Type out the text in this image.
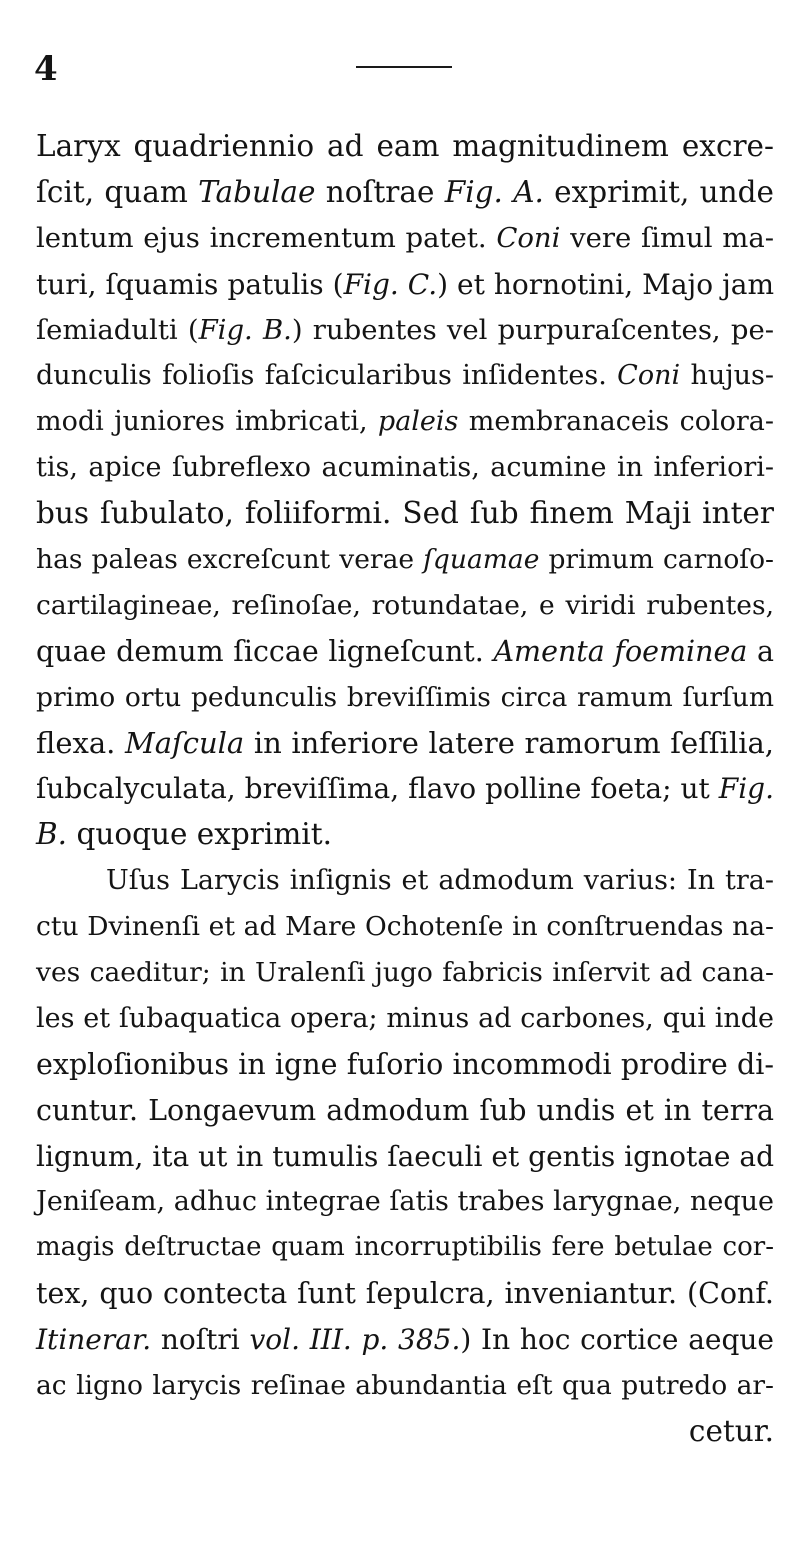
4
Laryx quadriennio ad eam magnitudinem excre-
ſcit, quam Tabulae noſtrae Fig. A. exprimit, unde
lentum ejus incrementum patet. Coni vere ſimul ma-
turi, ſquamis patulis (Fig. C.) et hornotini, Majo jam
ſemiadulti (Fig. B.) rubentes vel purpuraſcentes, pe-
dunculis folioſis faſcicularibus inſidentes. Coni hujus-
modi juniores imbricati, paleis membranaceis colora-
tis, apice ſubreflexo acuminatis, acumine in inferiori-
bus ſubulato, foliiformi. Sed ſub finem Maji inter
has paleas excreſcunt verae ſquamae primum carnoſo-
cartilagineae, reſinoſae, rotundatae, e viridi rubentes,
quae demum ſiccae ligneſcunt. Amenta foeminea a
primo ortu pedunculis breviſſimis circa ramum ſurſum
flexa. Maſcula in inferiore latere ramorum ſeſſilia,
ſubcalyculata, breviſſima, flavo polline foeta; ut Fig.
B. quoque exprimit.
Uſus Larycis inſignis et admodum varius: In tra-
ctu Dvinenſi et ad Mare Ochotenſe in conſtruendas na-
ves caeditur; in Uralenſi jugo fabricis inſervit ad cana-
les et ſubaquatica opera; minus ad carbones, qui inde
exploſionibus in igne fuſorio incommodi prodire di-
cuntur. Longaevum admodum ſub undis et in terra
lignum, ita ut in tumulis ſaeculi et gentis ignotae ad
Jeniſeam, adhuc integrae ſatis trabes larygnae, neque
magis deſtructae quam incorruptibilis fere betulae cor-
tex, quo contecta ſunt ſepulcra, inveniantur. (Conf.
Itinerar. noſtri vol. III. p. 385.) In hoc cortice aeque
ac ligno larycis reſinae abundantia eſt qua putredo ar-
cetur.
